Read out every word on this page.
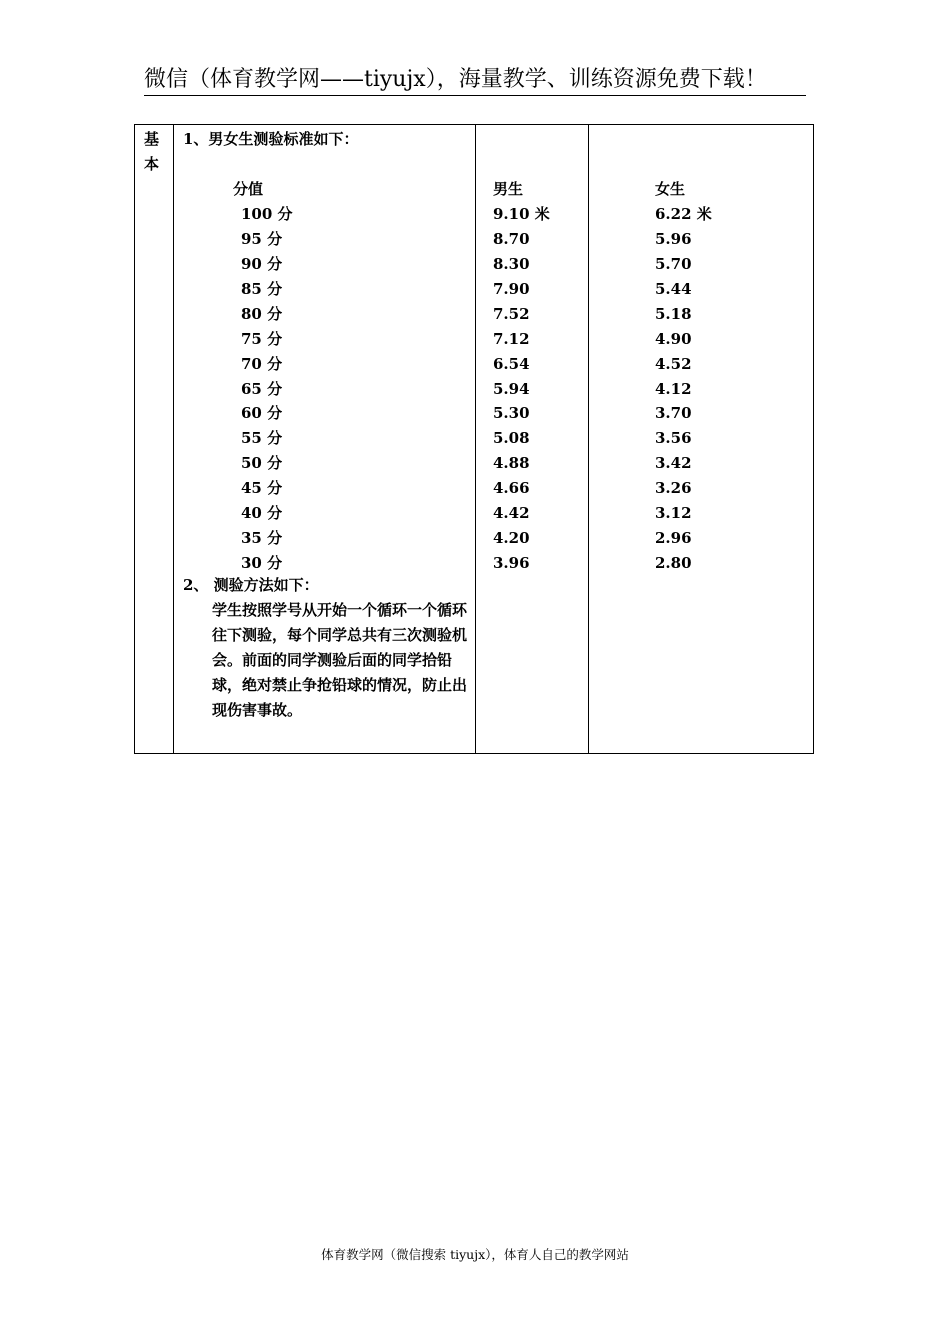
微信（体育教学网——tiyujx），海量教学、训练资源免费下载！
基本
1、男女生测验标准如下：
分值	男生	女生
100 分	9.10 米	6.22 米
95 分	8.70	5.96
90 分	8.30	5.70
85 分	7.90	5.44
80 分	7.52	5.18
75 分	7.12	4.90
70 分	6.54	4.52
65 分	5.94	4.12
60 分	5.30	3.70
55 分	5.08	3.56
50 分	4.88	3.42
45 分	4.66	3.26
40 分	4.42	3.12
35 分	4.20	2.96
30 分	3.96	2.80
2、 测验方法如下：
学生按照学号从开始一个循环一个循环往下测验，每个同学总共有三次测验机会。前面的同学测验后面的同学拾铅球，绝对禁止争抢铅球的情况，防止出现伤害事故。
体育教学网（微信搜索 tiyujx），体育人自己的教学网站
